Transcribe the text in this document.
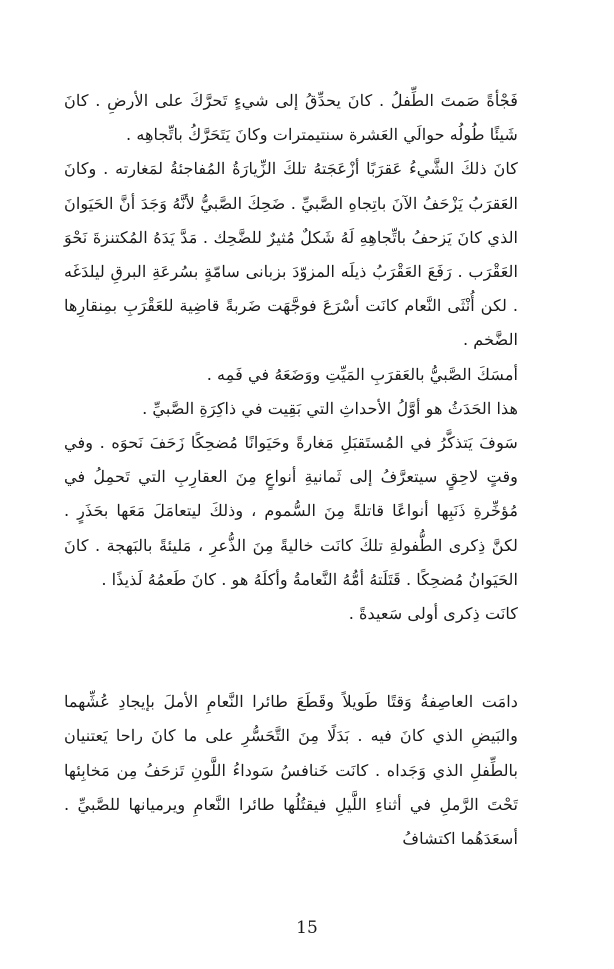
فَجْأةً صَمتَ الطِّفلُ . كانَ يحدِّقُ إلى شيءٍ تَحرَّكَ على الأرضِ . كانَ شَيئًا طُولُه حوالَي العَشرة سنتيمترات وكانَ يَتَحَرَّكُ باتِّجاهِه .

كانَ ذلكَ الشَّيءُ عَقرَبًا أزْعَجَتهُ تلكَ الزِّيارَةُ المُفاجئةُ لمَغارته . وكانَ العَقرَبُ يَزْحَفُ الآنَ باتِجاهِ الصَّبيِّ . ضَحِكَ الصَّبيُّ لأنَّهُ وَجَدَ أنَّ الحَيَوانَ الذي كانَ يَزحفُ باتِّجاهِهِ لَهُ شَكلٌ مُثيرٌ للضَّحِك . مَدَّ يَدَهُ المُكتنزةَ نَحْوَ العَقْرَب . رَفَعَ العَقْرَبُ ذيلَه المزوّدَ بزبانى سامّةٍ بسُرعَةِ البرقِ ليلدَغَه . لكن أُنْثَى النَّعام كانَت أسْرَعَ فوجَّهَت ضَربةً قاضِية للعَقْرَبِ بمِنقارِها الضَّخم .

أمسَكَ الصَّبيُّ بالعَقرَبِ المَيِّتِ ووَضَعَهُ في فَمِه .

هذا الحَدَثُ هو أوَّلُ الأحداثِ التي بَقِيت في ذاكِرَةِ الصَّبيِّ .

سَوفَ يَتذكَّرُ في المُستَقبَلِ مَغارةً وحَيَوانًا مُضحِكًا زَحَفَ نَحوَه . وفي وقتٍ لاحِقٍ سيتعرَّفُ إلى ثَمانيةِ أنواعٍ مِنَ العقارِبِ التي تَحمِلُ في مُؤخِّرةِ ذَنَبِها أنواعًا قاتلةً مِنَ السُّموم ، وذلكَ ليتعامَلَ مَعَها بحَذَرٍ . لكنَّ ذِكرى الطُّفولةِ تلكَ كانَت خاليةً مِنَ الذُّعرِ ، مَليئةً بالبَهجة . كانَ الحَيَوانُ مُضحِكًا . قَتَلَتهُ أمُّهُ النَّعامةُ وأكلَهُ هو . كانَ طَعمُهُ لَذيذًا .

كانَت ذِكرى أولى سَعيدةً .

دامَت العاصِفةُ وَقتًا طَويلاً وقَطَعَ طائرا النَّعامِ الأملَ بإيجادِ عُشِّهما والبَيضِ الذي كانَ فيه . بَدَلًا مِنَ التَّحَسُّرِ على ما كانَ راحا يَعتنيان بالطِّفلِ الذي وَجَداه . كانَت خَنافسُ سَوداءُ اللَّونِ تَزحَفُ مِن مَخابِئها تَحْتَ الرَّملِ في أثناءِ اللَّيلِ فيقتُلُها طائرا النَّعامِ ويرميانها للصَّبيِّ . أسعَدَهُما اكتشافُ

15
